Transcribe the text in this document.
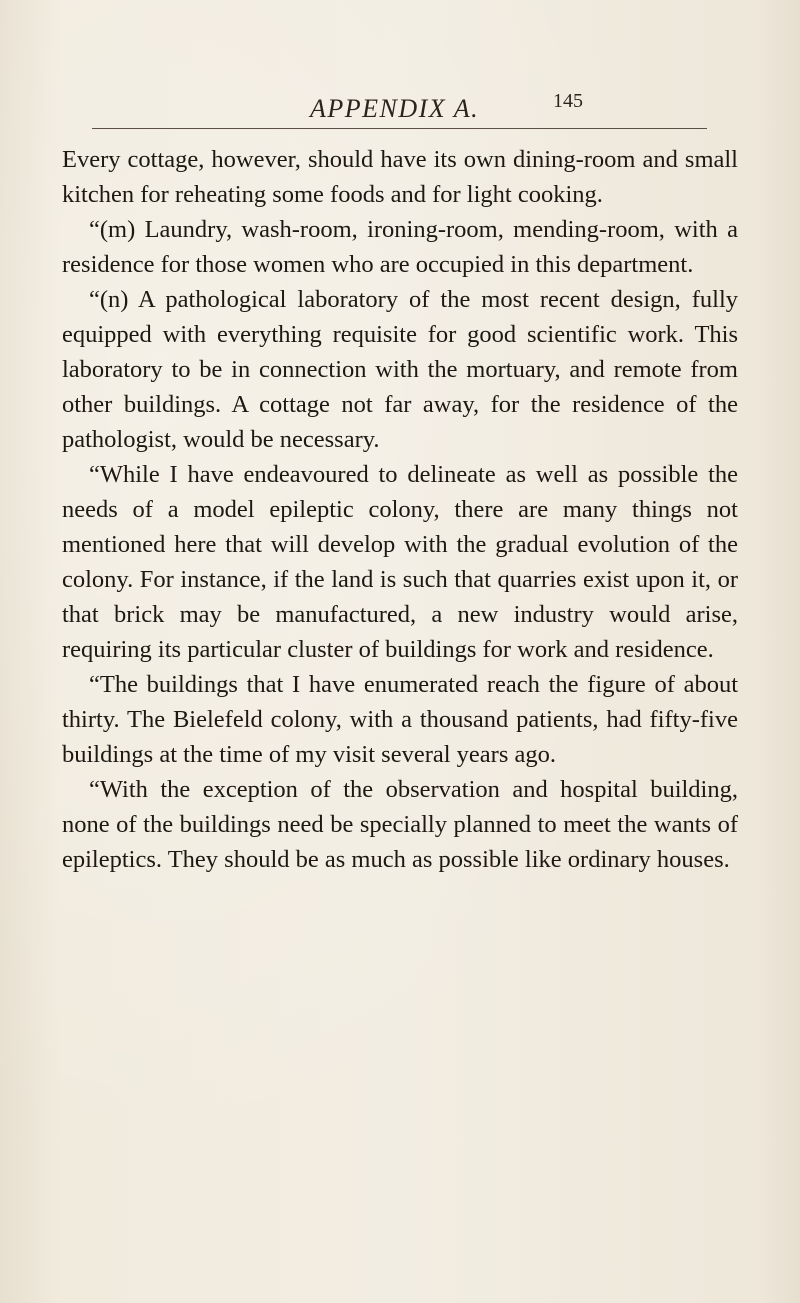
APPENDIX A.	145

Every cottage, however, should have its own dining-room and small kitchen for reheating some foods and for light cooking.

“(m) Laundry, wash-room, ironing-room, mending-room, with a residence for those women who are occupied in this department.

“(n) A pathological laboratory of the most recent design, fully equipped with everything requisite for good scientific work. This laboratory to be in connection with the mortuary, and remote from other buildings. A cottage not far away, for the residence of the pathologist, would be necessary.

“While I have endeavoured to delineate as well as possible the needs of a model epileptic colony, there are many things not mentioned here that will develop with the gradual evolution of the colony. For instance, if the land is such that quarries exist upon it, or that brick may be manufactured, a new industry would arise, requiring its particular cluster of buildings for work and residence.

“The buildings that I have enumerated reach the figure of about thirty. The Bielefeld colony, with a thousand patients, had fifty-five buildings at the time of my visit several years ago.

“With the exception of the observation and hospital building, none of the buildings need be specially planned to meet the wants of epileptics. They should be as much as possible like ordinary houses.
